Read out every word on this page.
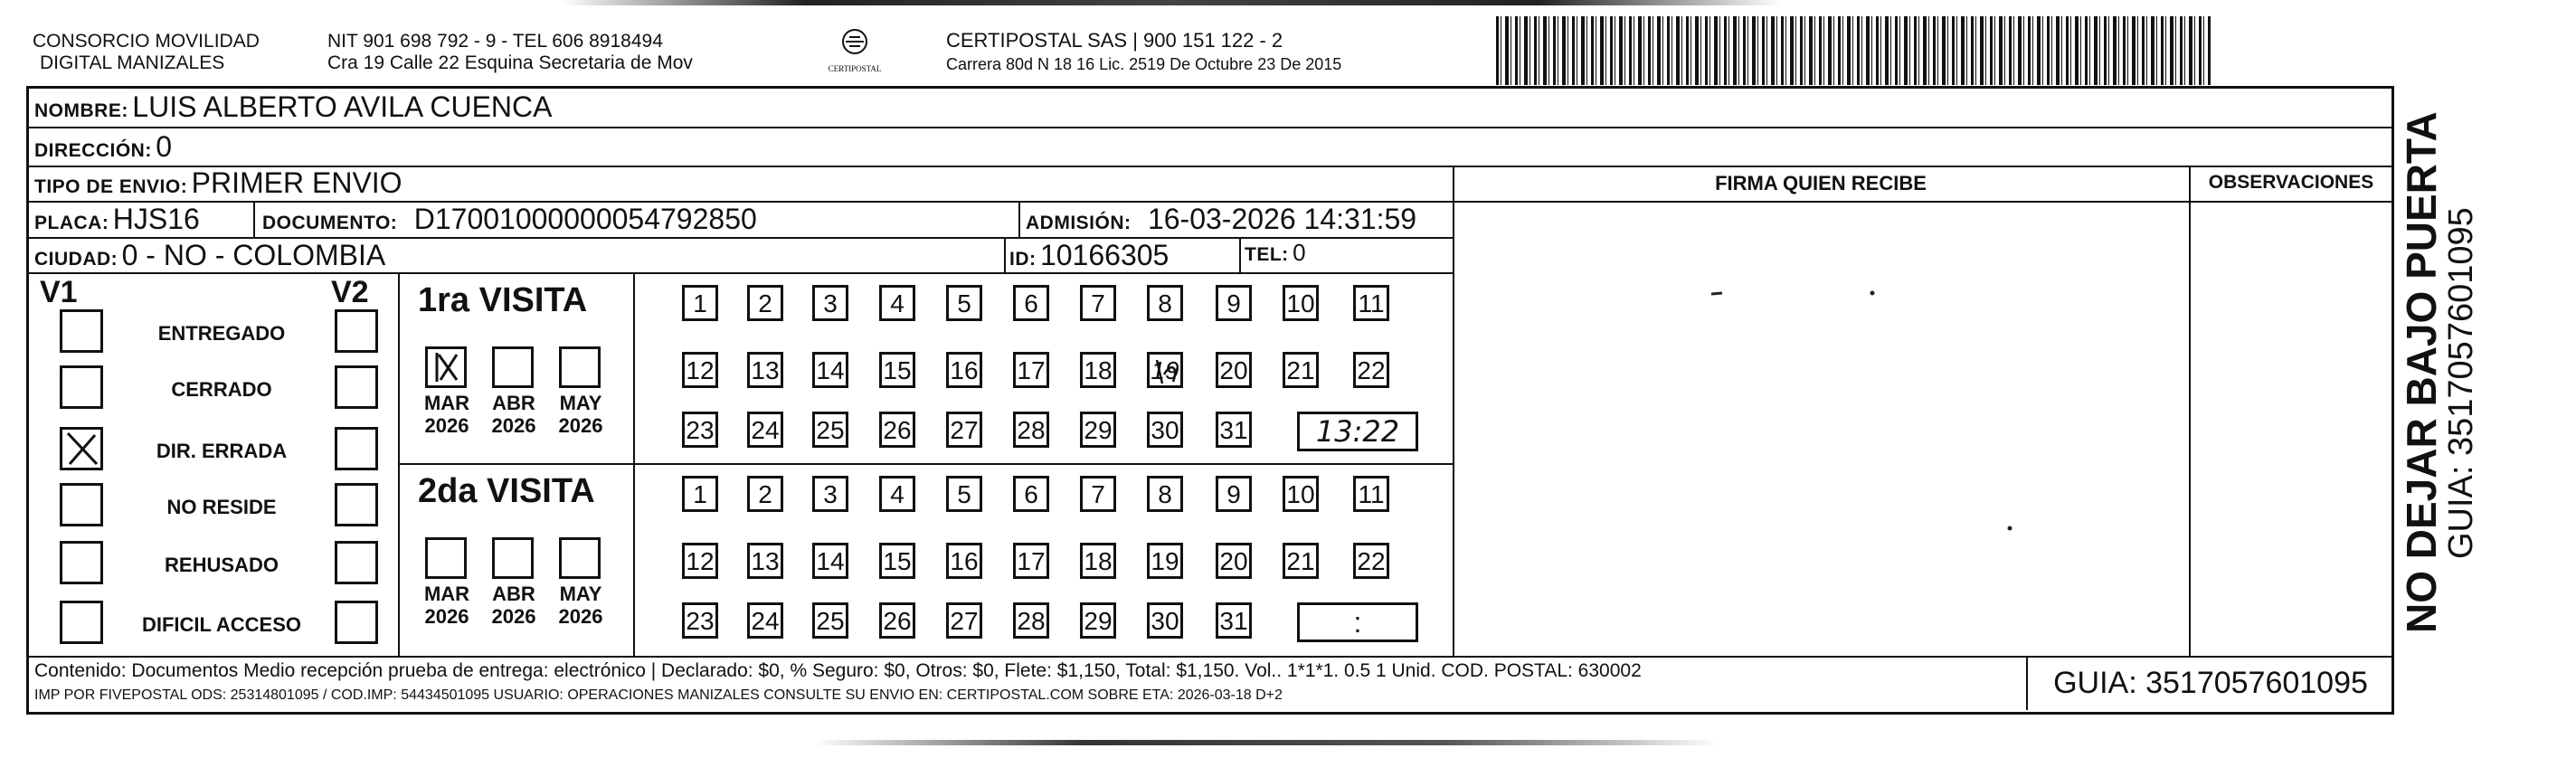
CONSORCIO MOVILIDAD
DIGITAL MANIZALES
NIT 901 698 792 - 9 - TEL 606 8918494
Cra 19 Calle 22 Esquina Secretaria de Mov	CERTIPOSTAL
CERTIPOSTAL SAS | 900 151 122 - 2
Carrera 80d N 18 16 Lic. 2519 De Octubre 23 De 2015
NOMBRE: LUIS ALBERTO AVILA CUENCA
DIRECCIÓN: 0
TIPO DE ENVIO: PRIMER ENVIO	FIRMA QUIEN RECIBE	OBSERVACIONES
PLACA: HJS16	DOCUMENTO: D17001000000054792850	ADMISIÓN: 16-03-2026 14:31:59
CIUDAD: 0 - NO - COLOMBIA	ID: 10166305	TEL: 0
V1	V2
ENTREGADO
CERRADO
DIR. ERRADA
NO RESIDE
REHUSADO
DIFICIL ACCESO
1ra VISITA
MAR
2026
ABR
2026
MAY
2026
1	2	3	4	5	6	7	8	9	10 11
12 13 14 15 16 17 18 19 20 21 22
23 24 25 26 27 28 29 30 31	13:22
2da VISITA
MAR
2026
ABR
2026
MAY
2026
1	2	3	4	5	6	7	8	9	10 11
12 13 14 15 16 17 18 19 20 21 22
23 24 25 26 27 28 29 30 31	:
Contenido: Documentos Medio recepción prueba de entrega: electrónico | Declarado: $0, % Seguro: $0, Otros: $0, Flete: $1,150, Total: $1,150. Vol.. 1*1*1. 0.5 1 Unid. COD. POSTAL: 630002
IMP POR FIVEPOSTAL ODS: 25314801095 / COD.IMP: 54434501095 USUARIO: OPERACIONES MANIZALES CONSULTE SU ENVIO EN: CERTIPOSTAL.COM SOBRE ETA: 2026-03-18 D+2	GUIA: 3517057601095
NO DEJAR BAJO PUERTA
GUIA: 3517057601095
